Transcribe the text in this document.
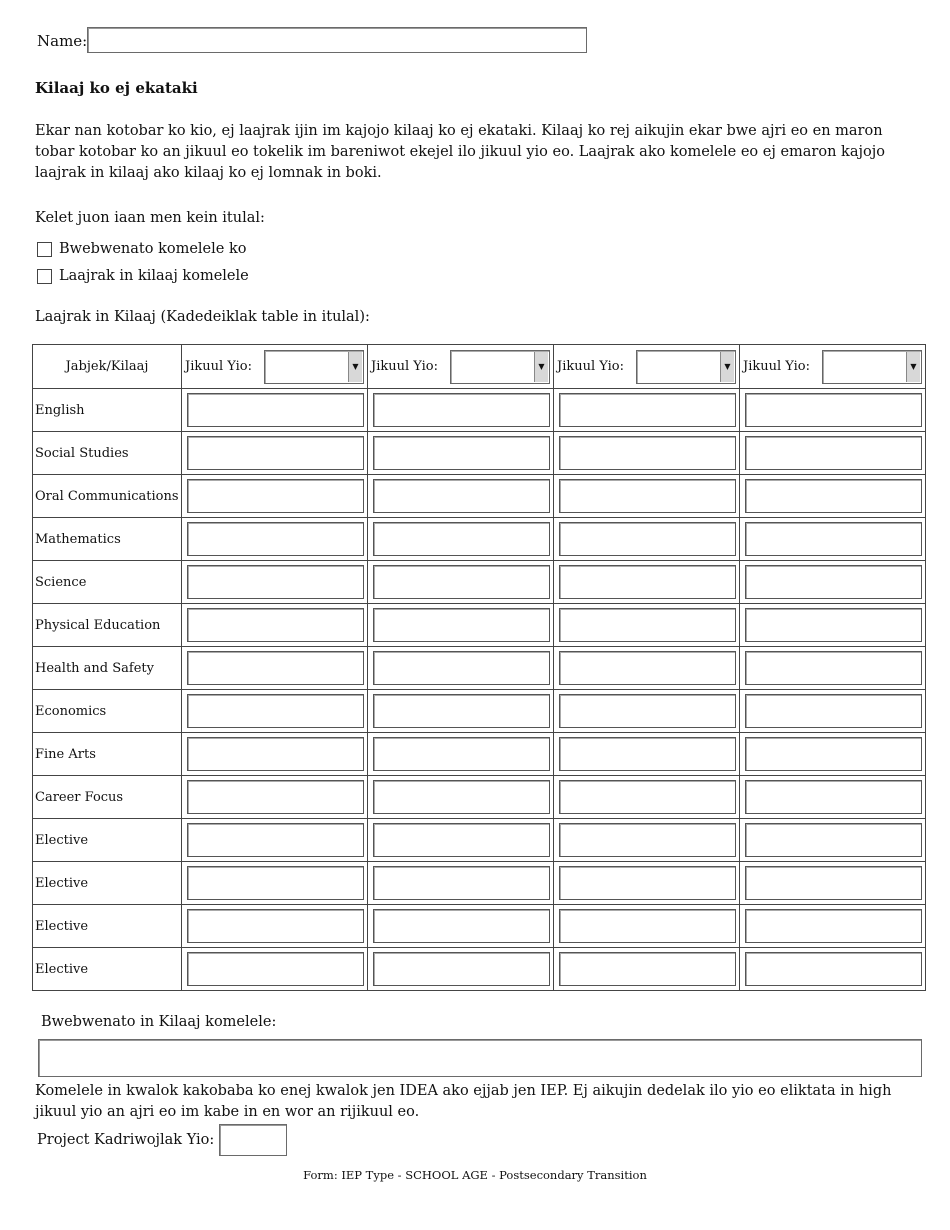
Name:
Kilaaj ko ej ekataki
Ekar nan kotobar ko kio, ej laajrak ijin im kajojo kilaaj ko ej ekataki. Kilaaj ko rej aikujin ekar bwe ajri eo en maron tobar kotobar ko an jikuul eo tokelik im bareniwot ekejel ilo jikuul yio eo. Laajrak ako komelele eo ej emaron kajojo laajrak in kilaaj ako kilaaj ko ej lomnak in boki.
Kelet juon iaan men kein itulal:
Bwebwenato komelele ko
Laajrak in kilaaj komelele
Laajrak in Kilaaj (Kadedeiklak table in itulal):
Jabjek/Kilaaj	Jikuul Yio: ▼	Jikuul Yio: ▼	Jikuul Yio: ▼	Jikuul Yio: ▼

English	

Social Studies	

Oral Communications	

Mathematics	

Science	

Physical Education	

Health and Safety	

Economics	

Fine Arts	

Career Focus	

Elective	

Elective	

Elective	

Elective	

Bwebwenato in Kilaaj komelele:
Komelele in kwalok kakobaba ko enej kwalok jen IDEA ako ejjab jen IEP. Ej aikujin dedelak ilo yio eo eliktata in high jikuul yio an ajri eo im kabe in en wor an rijikuul eo.
Project Kadriwojlak Yio:
Form: IEP Type - SCHOOL AGE - Postsecondary Transition
